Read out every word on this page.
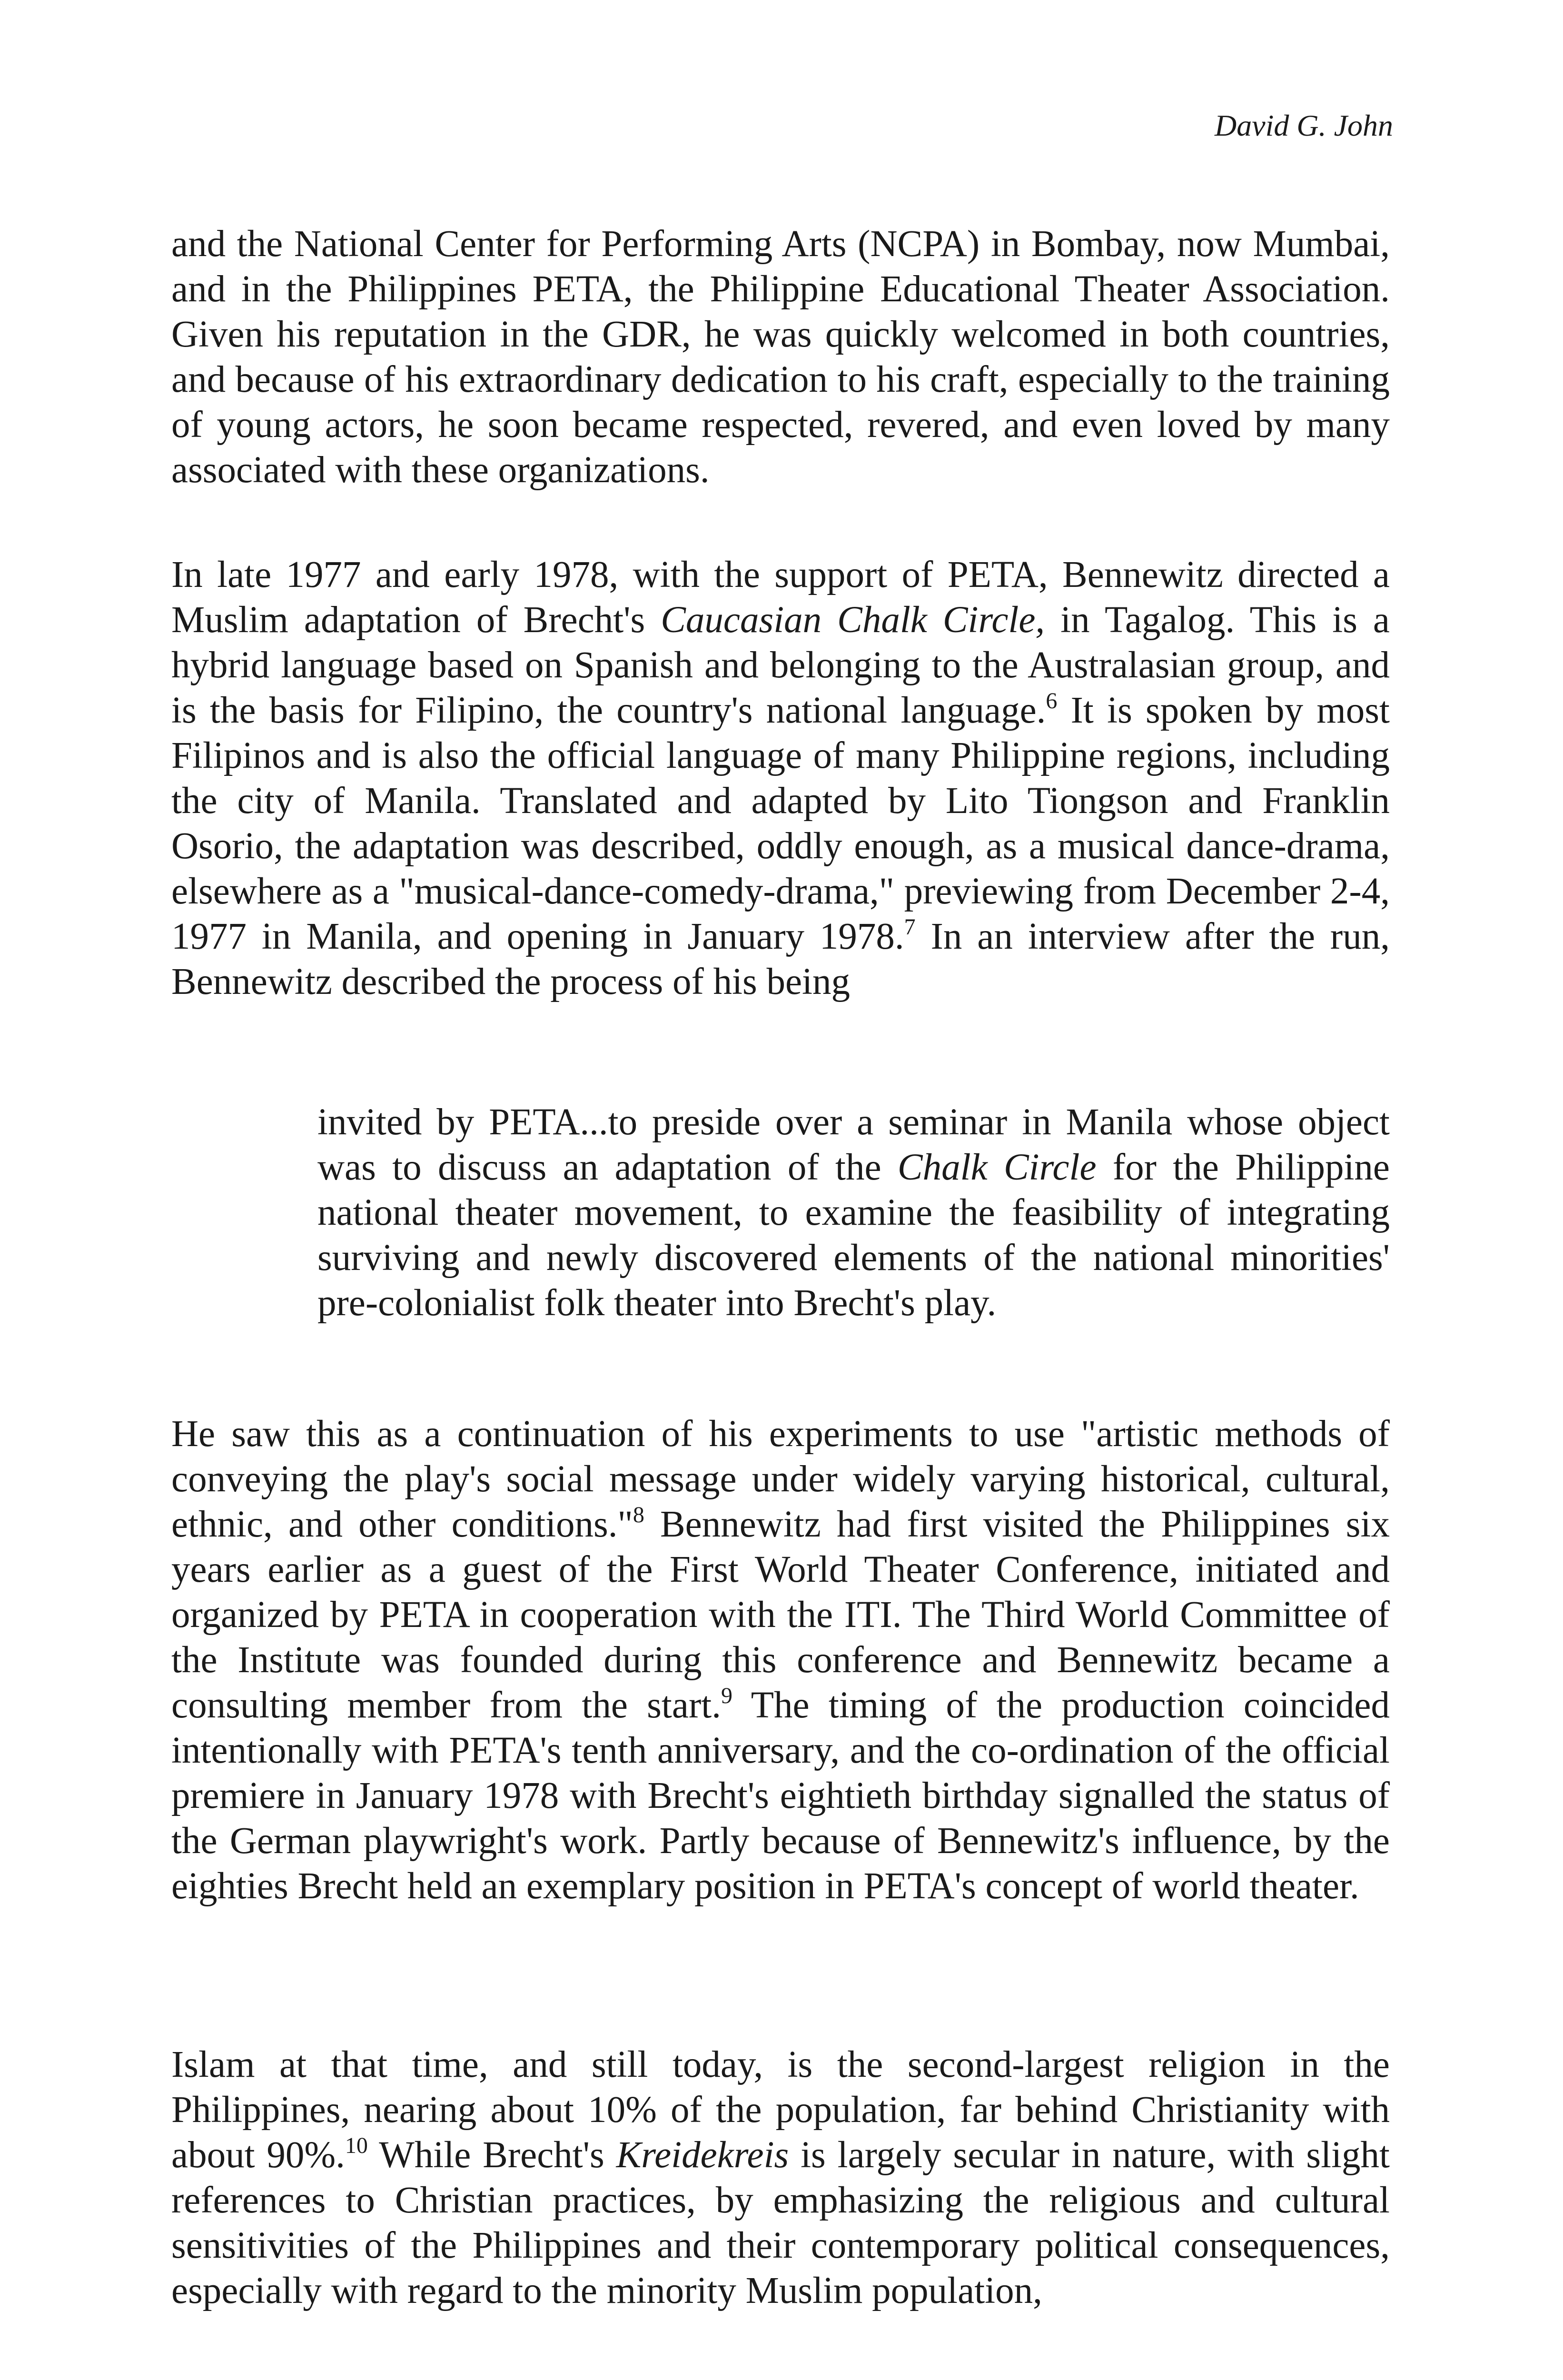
David G. John

and the National Center for Performing Arts (NCPA) in Bombay, now Mumbai, and in the Philippines PETA, the Philippine Educational Theater Association. Given his reputation in the GDR, he was quickly welcomed in both countries, and because of his extraordinary dedication to his craft, especially to the training of young actors, he soon became respected, revered, and even loved by many associated with these organizations.

In late 1977 and early 1978, with the support of PETA, Bennewitz directed a Muslim adaptation of Brecht's Caucasian Chalk Circle, in Tagalog. This is a hybrid language based on Spanish and belonging to the Australasian group, and is the basis for Filipino, the country's national language.$^6$ It is spoken by most Filipinos and is also the official language of many Philippine regions, including the city of Manila. Translated and adapted by Lito Tiongson and Franklin Osorio, the adaptation was described, oddly enough, as a musical dance-drama, elsewhere as a "musical-dance-comedy-drama," previewing from December 2-4, 1977 in Manila, and opening in January 1978.$^7$ In an interview after the run, Bennewitz described the process of his being

invited by PETA...to preside over a seminar in Manila whose object was to discuss an adaptation of the Chalk Circle for the Philippine national theater movement, to examine the feasibility of integrating surviving and newly discovered elements of the national minorities' pre-colonialist folk theater into Brecht's play.

He saw this as a continuation of his experiments to use "artistic methods of conveying the play's social message under widely varying historical, cultural, ethnic, and other conditions."$^8$ Bennewitz had first visited the Philippines six years earlier as a guest of the First World Theater Conference, initiated and organized by PETA in cooperation with the ITI. The Third World Committee of the Institute was founded during this conference and Bennewitz became a consulting member from the start.$^9$ The timing of the production coincided intentionally with PETA's tenth anniversary, and the co-ordination of the official premiere in January 1978 with Brecht's eightieth birthday signalled the status of the German playwright's work. Partly because of Bennewitz's influence, by the eighties Brecht held an exemplary position in PETA's concept of world theater.

Islam at that time, and still today, is the second-largest religion in the Philippines, nearing about 10% of the population, far behind Christianity with about 90%.$^{10}$ While Brecht's Kreidekreis is largely secular in nature, with slight references to Christian practices, by emphasizing the religious and cultural sensitivities of the Philippines and their contemporary political consequences, especially with regard to the minority Muslim population,
